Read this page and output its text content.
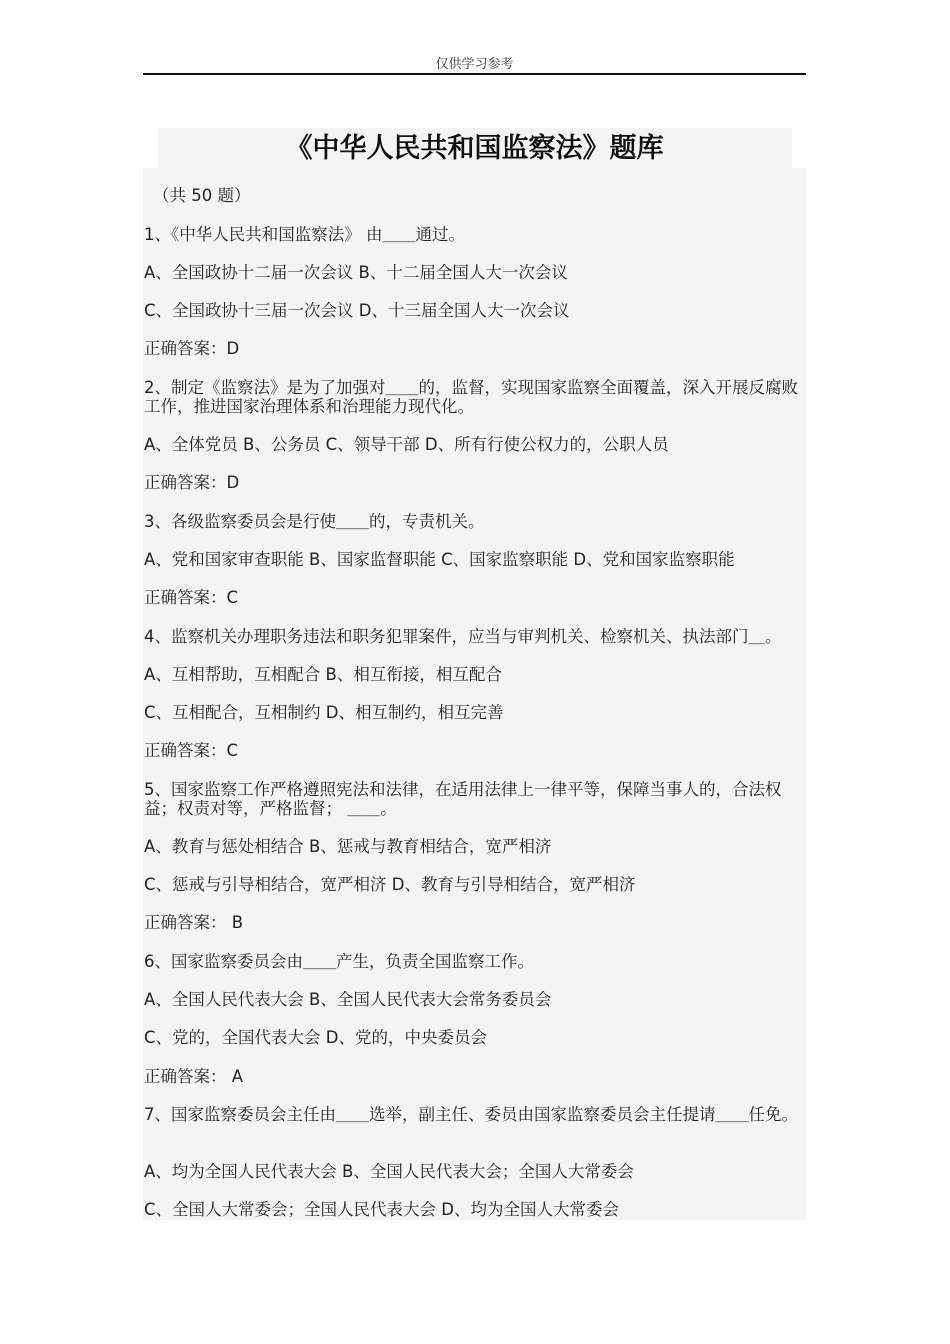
仅供学习参考
《中华人民共和国监察法》题库
（共 50 题）
1、《中华人民共和国监察法》 由＿＿通过。
A、全国政协十二届一次会议 B、十二届全国人大一次会议
C、全国政协十三届一次会议 D、十三届全国人大一次会议
正确答案：D
2、制定《监察法》是为了加强对＿＿的，监督，实现国家监察全面覆盖，深入开展反腐败工作，推进国家治理体系和治理能力现代化。
A、全体党员 B、公务员 C、领导干部 D、所有行使公权力的，公职人员
正确答案：D
3、各级监察委员会是行使＿＿的，专责机关。
A、党和国家审查职能 B、国家监督职能 C、国家监察职能 D、党和国家监察职能
正确答案：C
4、监察机关办理职务违法和职务犯罪案件，应当与审判机关、检察机关、执法部门＿。
A、互相帮助，互相配合 B、相互衔接，相互配合
C、互相配合，互相制约 D、相互制约，相互完善
正确答案：C
5、国家监察工作严格遵照宪法和法律，在适用法律上一律平等，保障当事人的，合法权益；权责对等，严格监督； ＿＿。
A、教育与惩处相结合 B、惩戒与教育相结合，宽严相济
C、惩戒与引导相结合，宽严相济 D、教育与引导相结合，宽严相济
正确答案： B
6、国家监察委员会由＿＿产生，负责全国监察工作。
A、全国人民代表大会 B、全国人民代表大会常务委员会
C、党的，全国代表大会 D、党的，中央委员会
正确答案： A
7、国家监察委员会主任由＿＿选举，副主任、委员由国家监察委员会主任提请＿＿任免。
A、均为全国人民代表大会 B、全国人民代表大会；全国人大常委会
C、全国人大常委会；全国人民代表大会 D、均为全国人大常委会
